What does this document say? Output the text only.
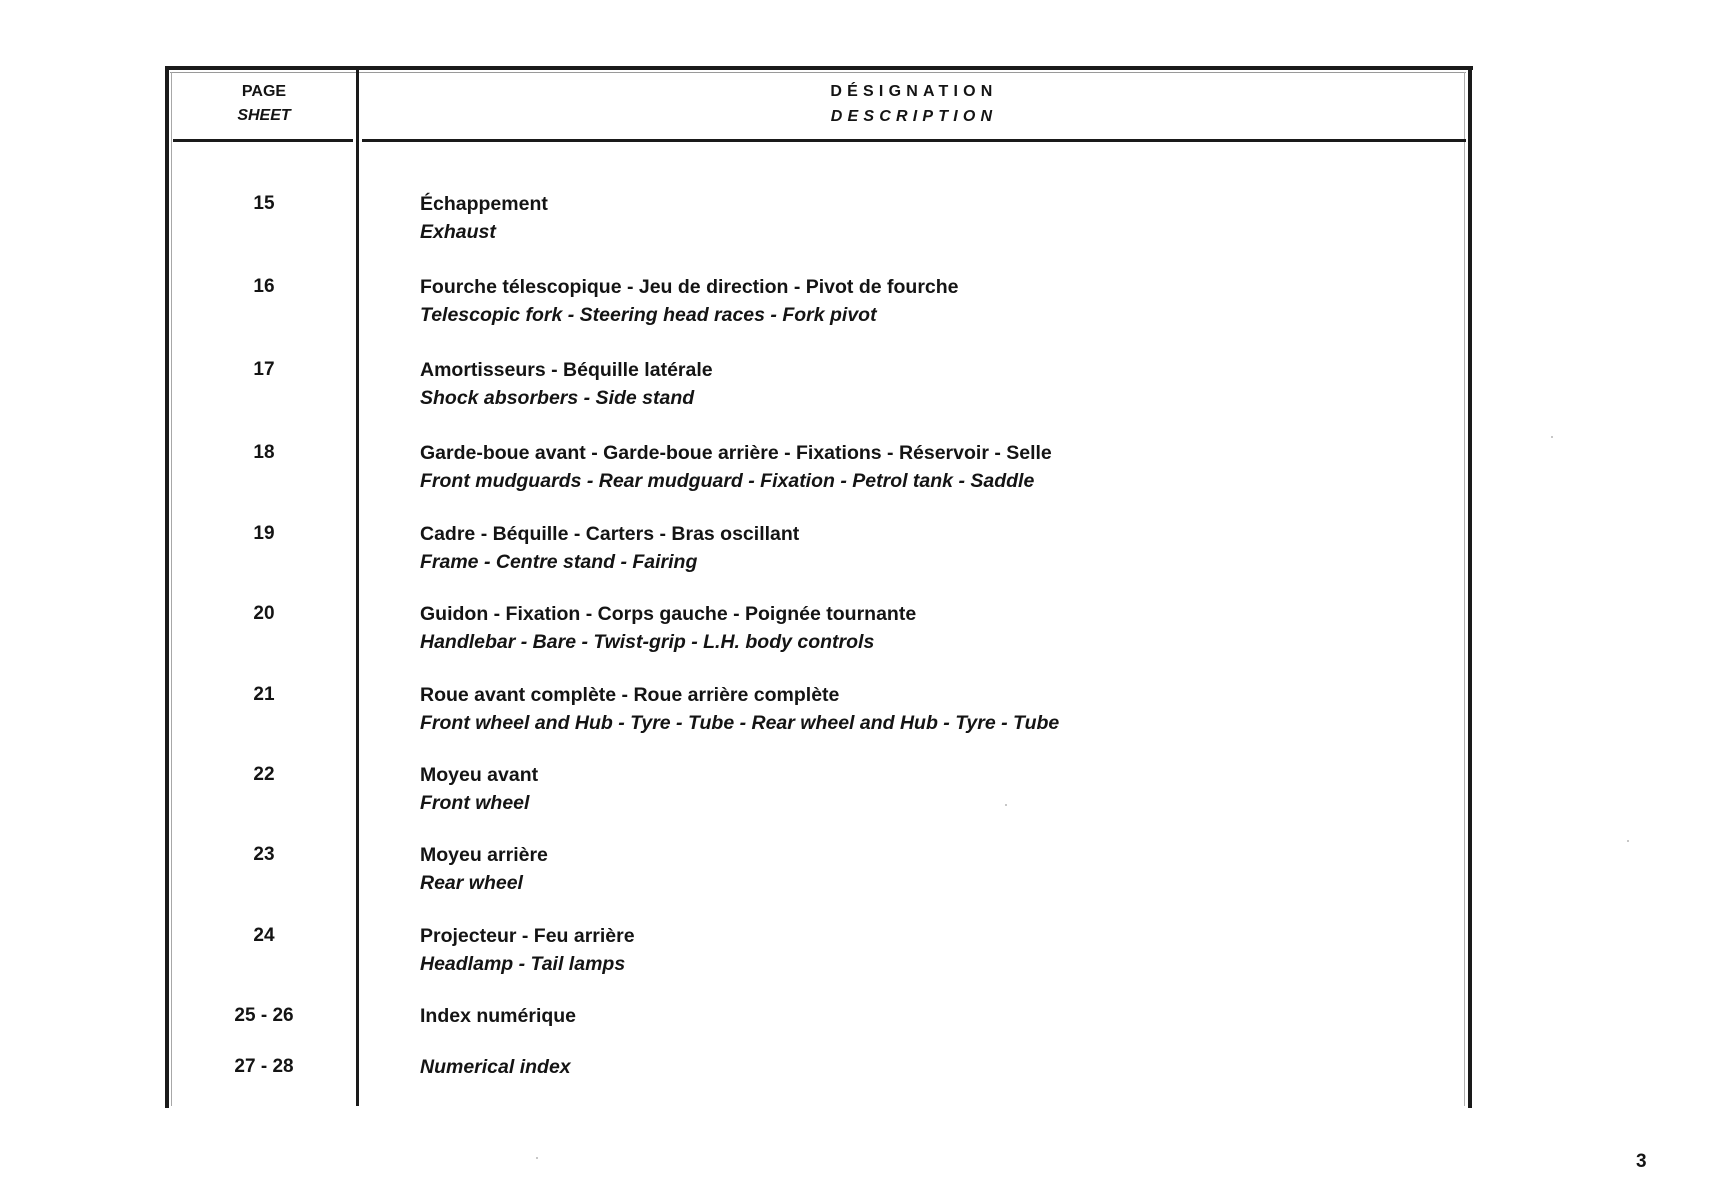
PAGE
SHEET
DÉSIGNATION
DESCRIPTION
15	Échappement
Exhaust
16	Fourche télescopique - Jeu de direction - Pivot de fourche
Telescopic fork - Steering head races - Fork pivot
17	Amortisseurs - Béquille latérale
Shock absorbers - Side stand
18	Garde-boue avant - Garde-boue arrière - Fixations - Réservoir - Selle
Front mudguards - Rear mudguard - Fixation - Petrol tank - Saddle
19	Cadre - Béquille - Carters - Bras oscillant
Frame - Centre stand - Fairing
20	Guidon - Fixation - Corps gauche - Poignée tournante
Handlebar - Bare - Twist-grip - L.H. body controls
21	Roue avant complète - Roue arrière complète
Front wheel and Hub - Tyre - Tube - Rear wheel and Hub - Tyre - Tube
22	Moyeu avant
Front wheel
23	Moyeu arrière
Rear wheel
24	Projecteur - Feu arrière
Headlamp - Tail lamps
25 - 26	Index numérique
27 - 28	Numerical index
3
